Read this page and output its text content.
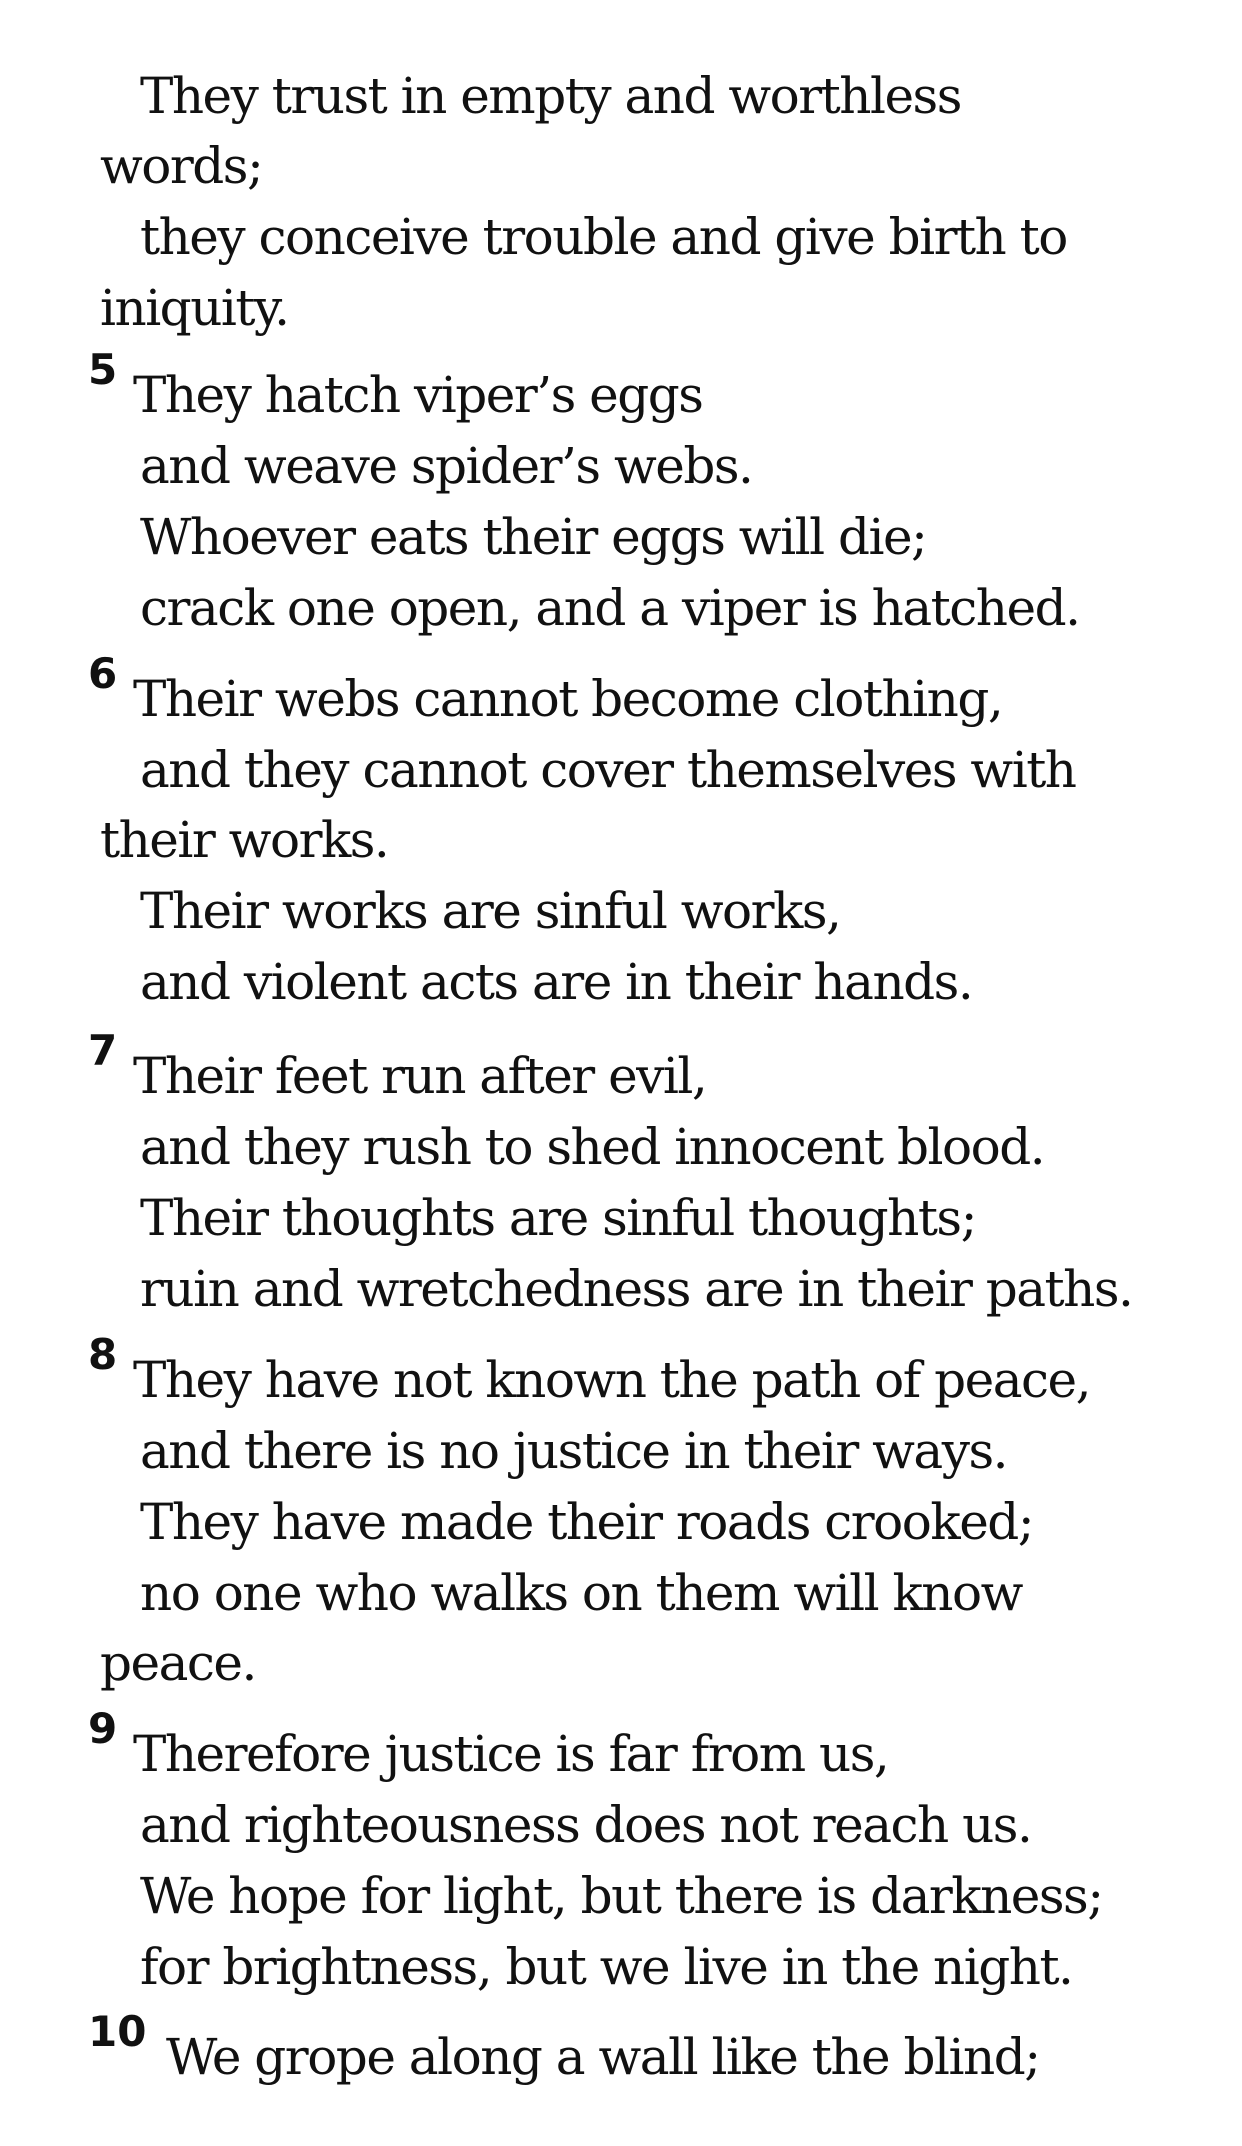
They trust in empty and worthless
words;
they conceive trouble and give birth to
iniquity.
5 They hatch viper’s eggs
and weave spider’s webs.
Whoever eats their eggs will die;
crack one open, and a viper is hatched.
6 Their webs cannot become clothing,
and they cannot cover themselves with
their works.
Their works are sinful works,
and violent acts are in their hands.
7 Their feet run after evil,
and they rush to shed innocent blood.
Their thoughts are sinful thoughts;
ruin and wretchedness are in their paths.
8 They have not known the path of peace,
and there is no justice in their ways.
They have made their roads crooked;
no one who walks on them will know
peace.
9 Therefore justice is far from us,
and righteousness does not reach us.
We hope for light, but there is darkness;
for brightness, but we live in the night.
10 We grope along a wall like the blind;
